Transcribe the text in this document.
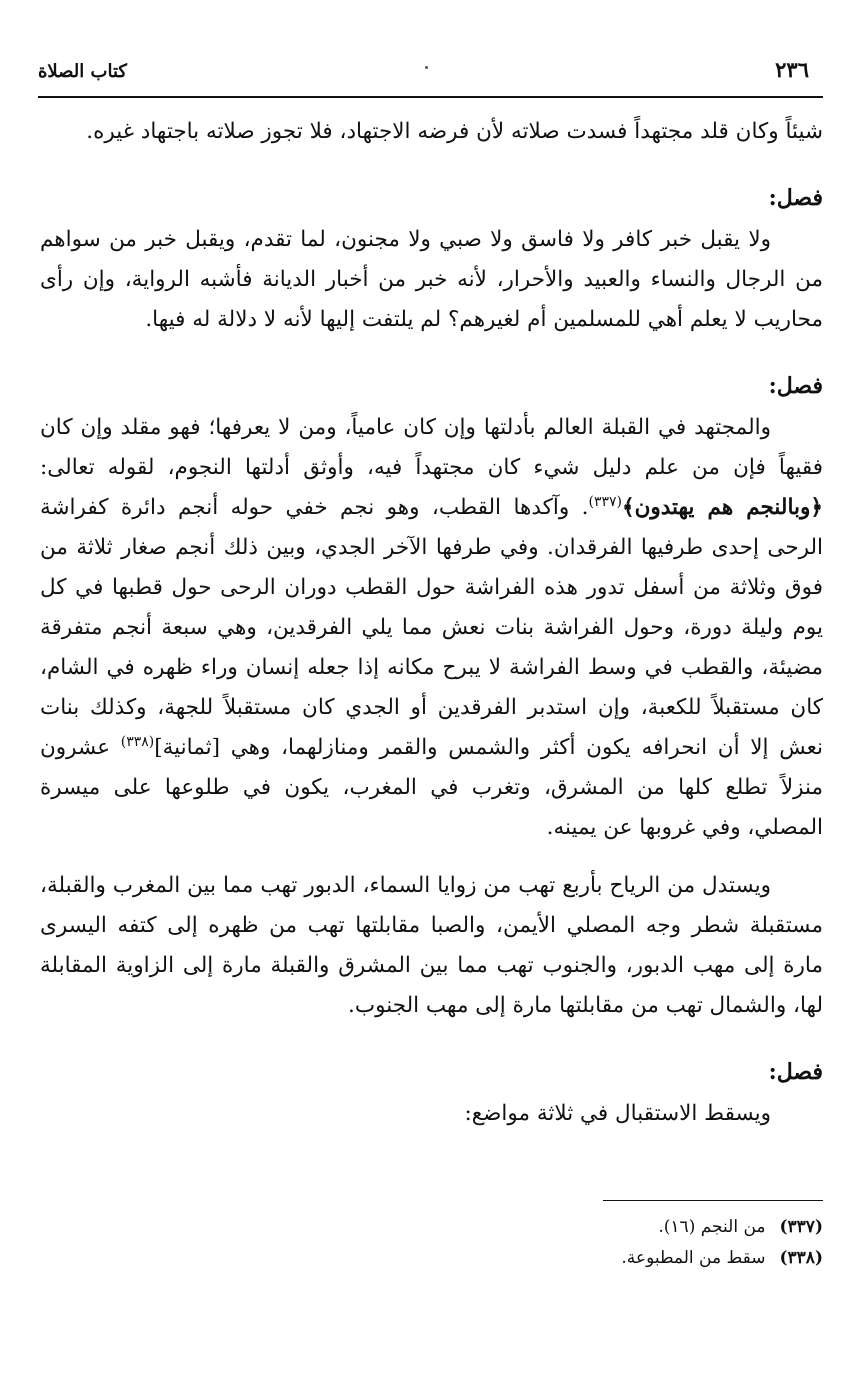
٢٣٦
كتاب الصلاة

شيئاً وكان قلد مجتهداً فسدت صلاته لأن فرضه الاجتهاد، فلا تجوز صلاته باجتهاد غيره.

فصل:

ولا يقبل خبر كافر ولا فاسق ولا صبي ولا مجنون، لما تقدم، ويقبل خبر من سواهم من الرجال والنساء والعبيد والأحرار، لأنه خبر من أخبار الديانة فأشبه الرواية، وإن رأى محاريب لا يعلم أهي للمسلمين أم لغيرهم؟ لم يلتفت إليها لأنه لا دلالة له فيها.

فصل:

والمجتهد في القبلة العالم بأدلتها وإن كان عامياً، ومن لا يعرفها؛ فهو مقلد وإن كان فقيهاً فإن من علم دليل شيء كان مجتهداً فيه، وأوثق أدلتها النجوم، لقوله تعالى: ﴿وبالنجم هم يهتدون﴾$^{(٣٣٧)}$. وآكدها القطب، وهو نجم خفي حوله أنجم دائرة كفراشة الرحى إحدى طرفيها الفرقدان. وفي طرفها الآخر الجدي، وبين ذلك أنجم صغار ثلاثة من فوق وثلاثة من أسفل تدور هذه الفراشة حول القطب دوران الرحى حول قطبها في كل يوم وليلة دورة، وحول الفراشة بنات نعش مما يلي الفرقدين، وهي سبعة أنجم متفرقة مضيئة، والقطب في وسط الفراشة لا يبرح مكانه إذا جعله إنسان وراء ظهره في الشام، كان مستقبلاً للكعبة، وإن استدبر الفرقدين أو الجدي كان مستقبلاً للجهة، وكذلك بنات نعش إلا أن انحرافه يكون أكثر والشمس والقمر ومنازلهما، وهي [ثمانية]$^{(٣٣٨)}$ عشرون منزلاً تطلع كلها من المشرق، وتغرب في المغرب، يكون في طلوعها على ميسرة المصلي، وفي غروبها عن يمينه.

ويستدل من الرياح بأربع تهب من زوايا السماء، الدبور تهب مما بين المغرب والقبلة، مستقبلة شطر وجه المصلي الأيمن، والصبا مقابلتها تهب من ظهره إلى كتفه اليسرى مارة إلى مهب الدبور، والجنوب تهب مما بين المشرق والقبلة مارة إلى الزاوية المقابلة لها، والشمال تهب من مقابلتها مارة إلى مهب الجنوب.

فصل:

ويسقط الاستقبال في ثلاثة مواضع:

(٣٣٧)
من النجم (١٦).
(٣٣٨)
سقط من المطبوعة.
